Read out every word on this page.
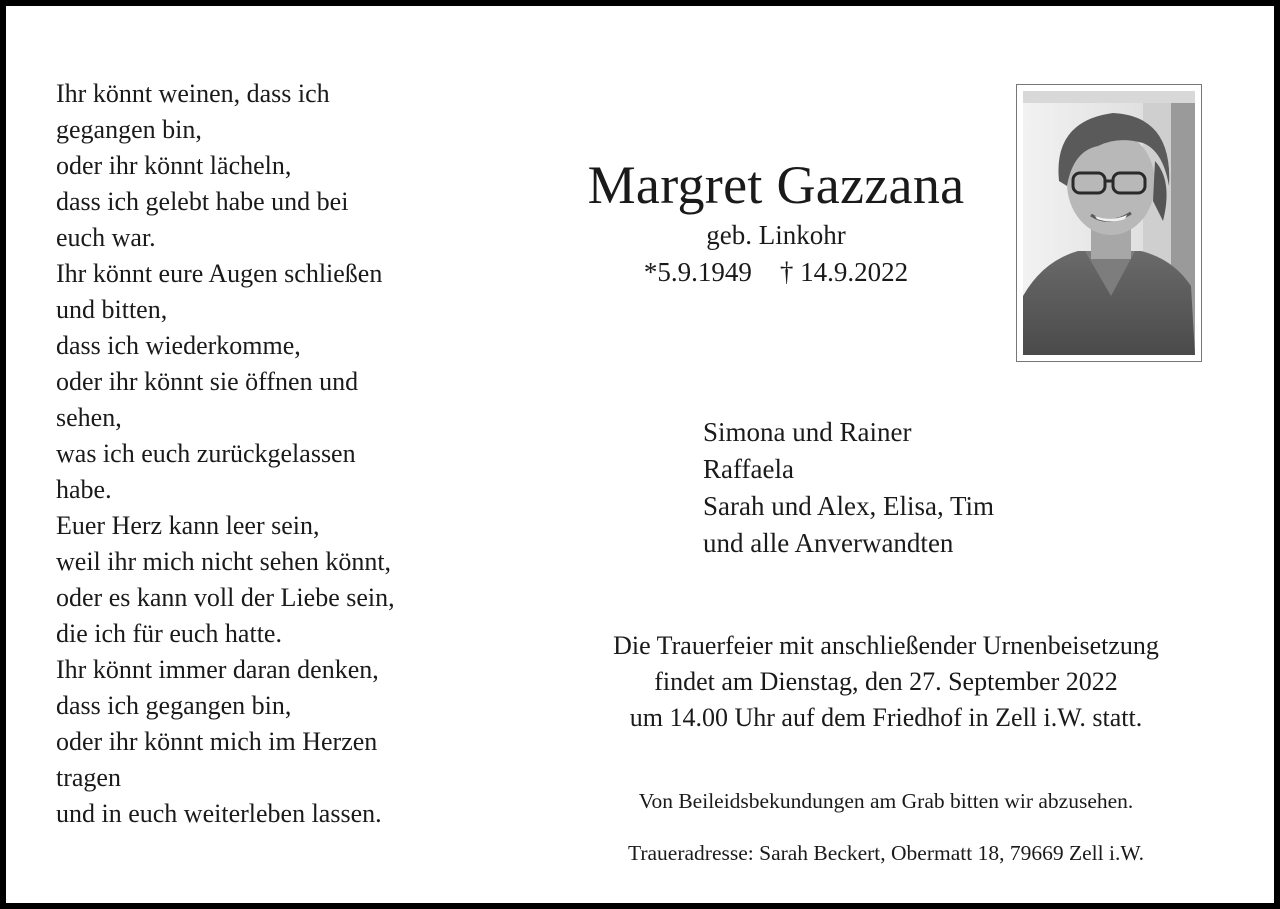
Ihr könnt weinen, dass ich
gegangen bin,
oder ihr könnt lächeln,
dass ich gelebt habe und bei
euch war.
Ihr könnt eure Augen schließen
und bitten,
dass ich wiederkomme,
oder ihr könnt sie öffnen und
sehen,
was ich euch zurückgelassen
habe.
Euer Herz kann leer sein,
weil ihr mich nicht sehen könnt,
oder es kann voll der Liebe sein,
die ich für euch hatte.
Ihr könnt immer daran denken,
dass ich gegangen bin,
oder ihr könnt mich im Herzen
tragen
und in euch weiterleben lassen.
Margret Gazzana
geb. Linkohr
*5.9.1949 † 14.9.2022
Simona und Rainer
Raffaela
Sarah und Alex, Elisa, Tim
und alle Anverwandten
Die Trauerfeier mit anschließender Urnenbeisetzung
findet am Dienstag, den 27. September 2022
um 14.00 Uhr auf dem Friedhof in Zell i.W. statt.
Von Beileidsbekundungen am Grab bitten wir abzusehen.
Traueradresse: Sarah Beckert, Obermatt 18, 79669 Zell i.W.
